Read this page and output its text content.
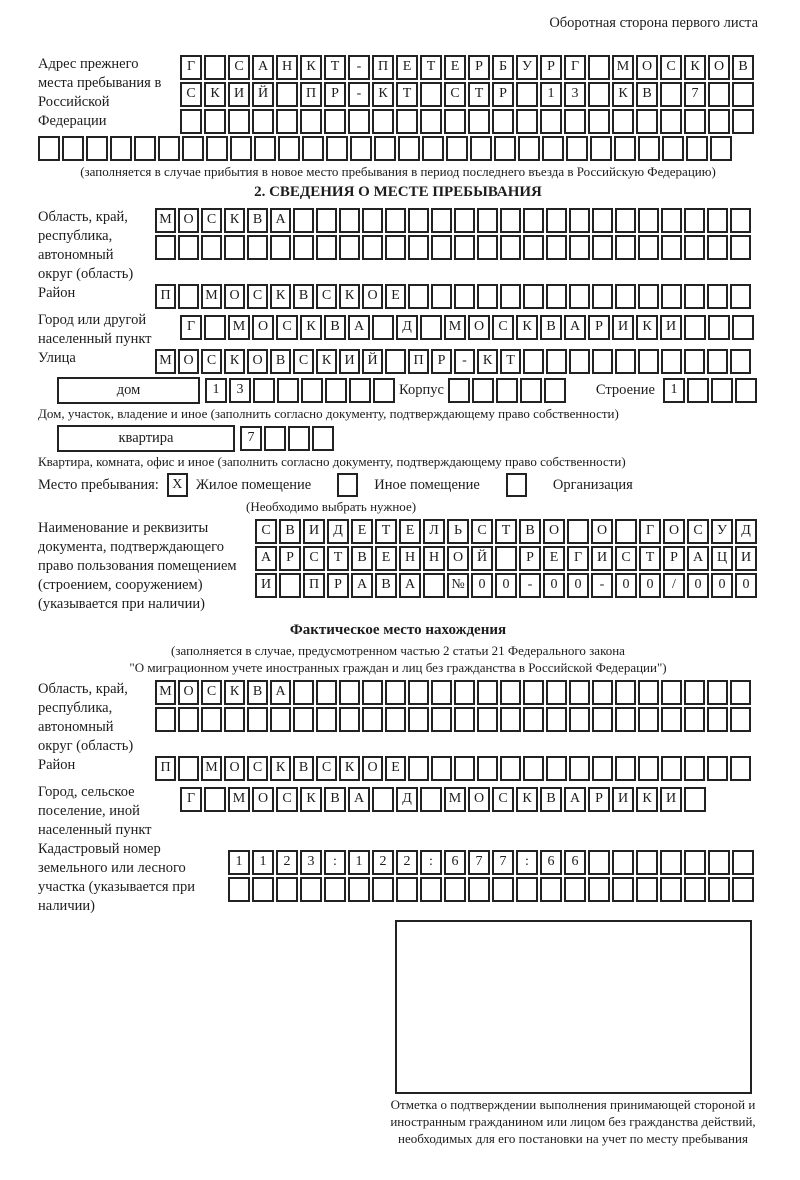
Оборотная сторона первого листа
Адрес прежнего места пребывания в Российской Федерации
Г	С А Н К Т - П Е Т Е Р Б У Р Г	М О С К О В
С К И Й	П Р - К Т	С Т Р	1 3	К В	7
(заполняется в случае прибытия в новое место пребывания в период последнего въезда в Российскую Федерацию)
2. СВЕДЕНИЯ О МЕСТЕ ПРЕБЫВАНИЯ
Область, край, республика, автономный округ (область)
М О С К В А
Район	П М О С К В С К О Е
Город или другой населенный пункт
Г	М О С К В А	Д	М О С К В А Р И К И
Улица	М О С К О В С К И Й	П Р - К Т
дом	1 3	Корпус	Строение	1
Дом, участок, владение и иное (заполнить согласно документу, подтверждающему право собственности)
квартира	7
Квартира, комната, офис и иное (заполнить согласно документу, подтверждающему право собственности)
Место пребывания: X Жилое помещение	Иное помещение	Организация
(Необходимо выбрать нужное)
Наименование и реквизиты документа, подтверждающего право пользования помещением (строением, сооружением) (указывается при наличии)
С В И Д Е Т Е Л Ь С Т В О	О	Г О С У Д
А Р С Т В Е Н Н О Й	Р Е Г И С Т Р А Ц И
И	П Р А В А	№ 0 0 - 0 0 - 0 0 / 0 0 0
Фактическое место нахождения
(заполняется в случае, предусмотренном частью 2 статьи 21 Федерального закона
"О миграционном учете иностранных граждан и лиц без гражданства в Российской Федерации")
Область, край, республика, автономный округ (область)
М О С К В А
Район	П М О С К В С К О Е
Город, сельское поселение, иной населенный пункт
Г	М О С К В А	Д	М О С К В А Р И К И
Кадастровый номер земельного или лесного участка (указывается при наличии)
1 1 2 3 : 1 2 2 : 6 7 7 : 6 6
Отметка о подтверждении выполнения принимающей стороной и иностранным гражданином или лицом без гражданства действий, необходимых для его постановки на учет по месту пребывания
